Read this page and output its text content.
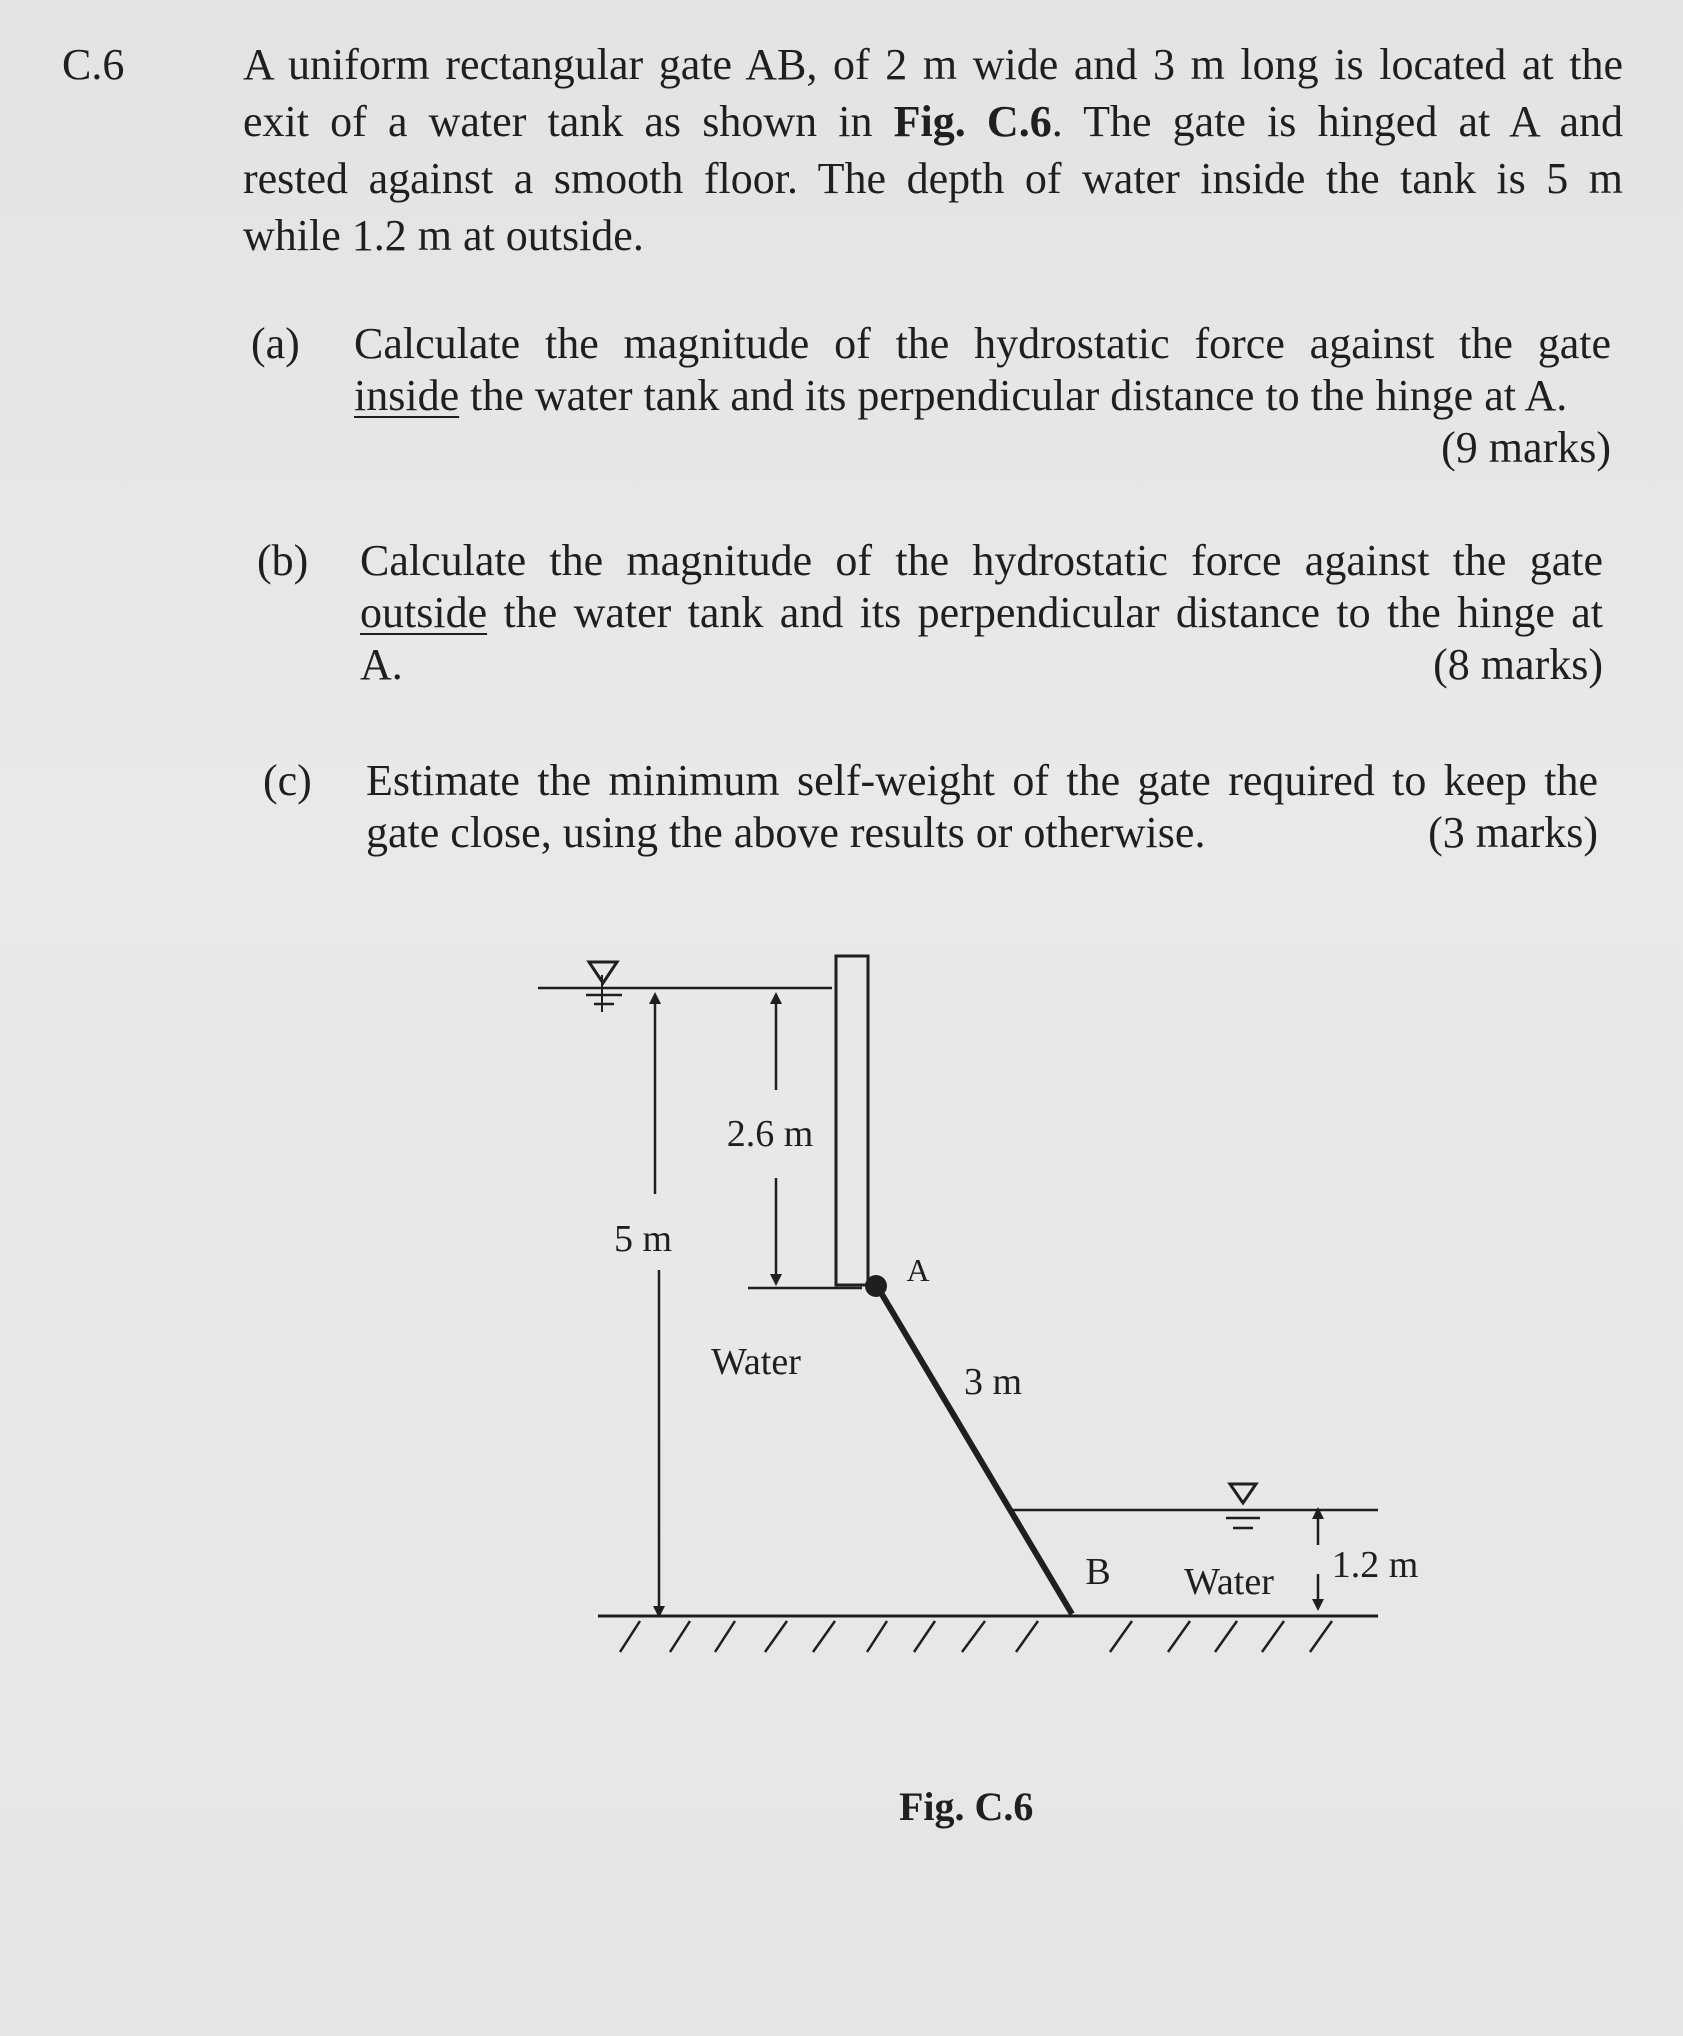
C.6	A uniform rectangular gate AB, of 2 m wide and 3 m long is located at the
exit of a water tank as shown in Fig. C.6. The gate is hinged at A and
rested against a smooth floor. The depth of water inside the tank is 5 m
while 1.2 m at outside.
(a) Calculate the magnitude of the hydrostatic force against the gate
inside the water tank and its perpendicular distance to the hinge at A.
(9 marks)
(b) Calculate the magnitude of the hydrostatic force against the gate
outside the water tank and its perpendicular distance to the hinge at
A.	(8 marks)
(c) Estimate the minimum self-weight of the gate required to keep the
gate close, using the above results or otherwise.	(3 marks)
2.6 m
5 m
A
Water	3 m
1.2 m
B Water
Fig. C.6
